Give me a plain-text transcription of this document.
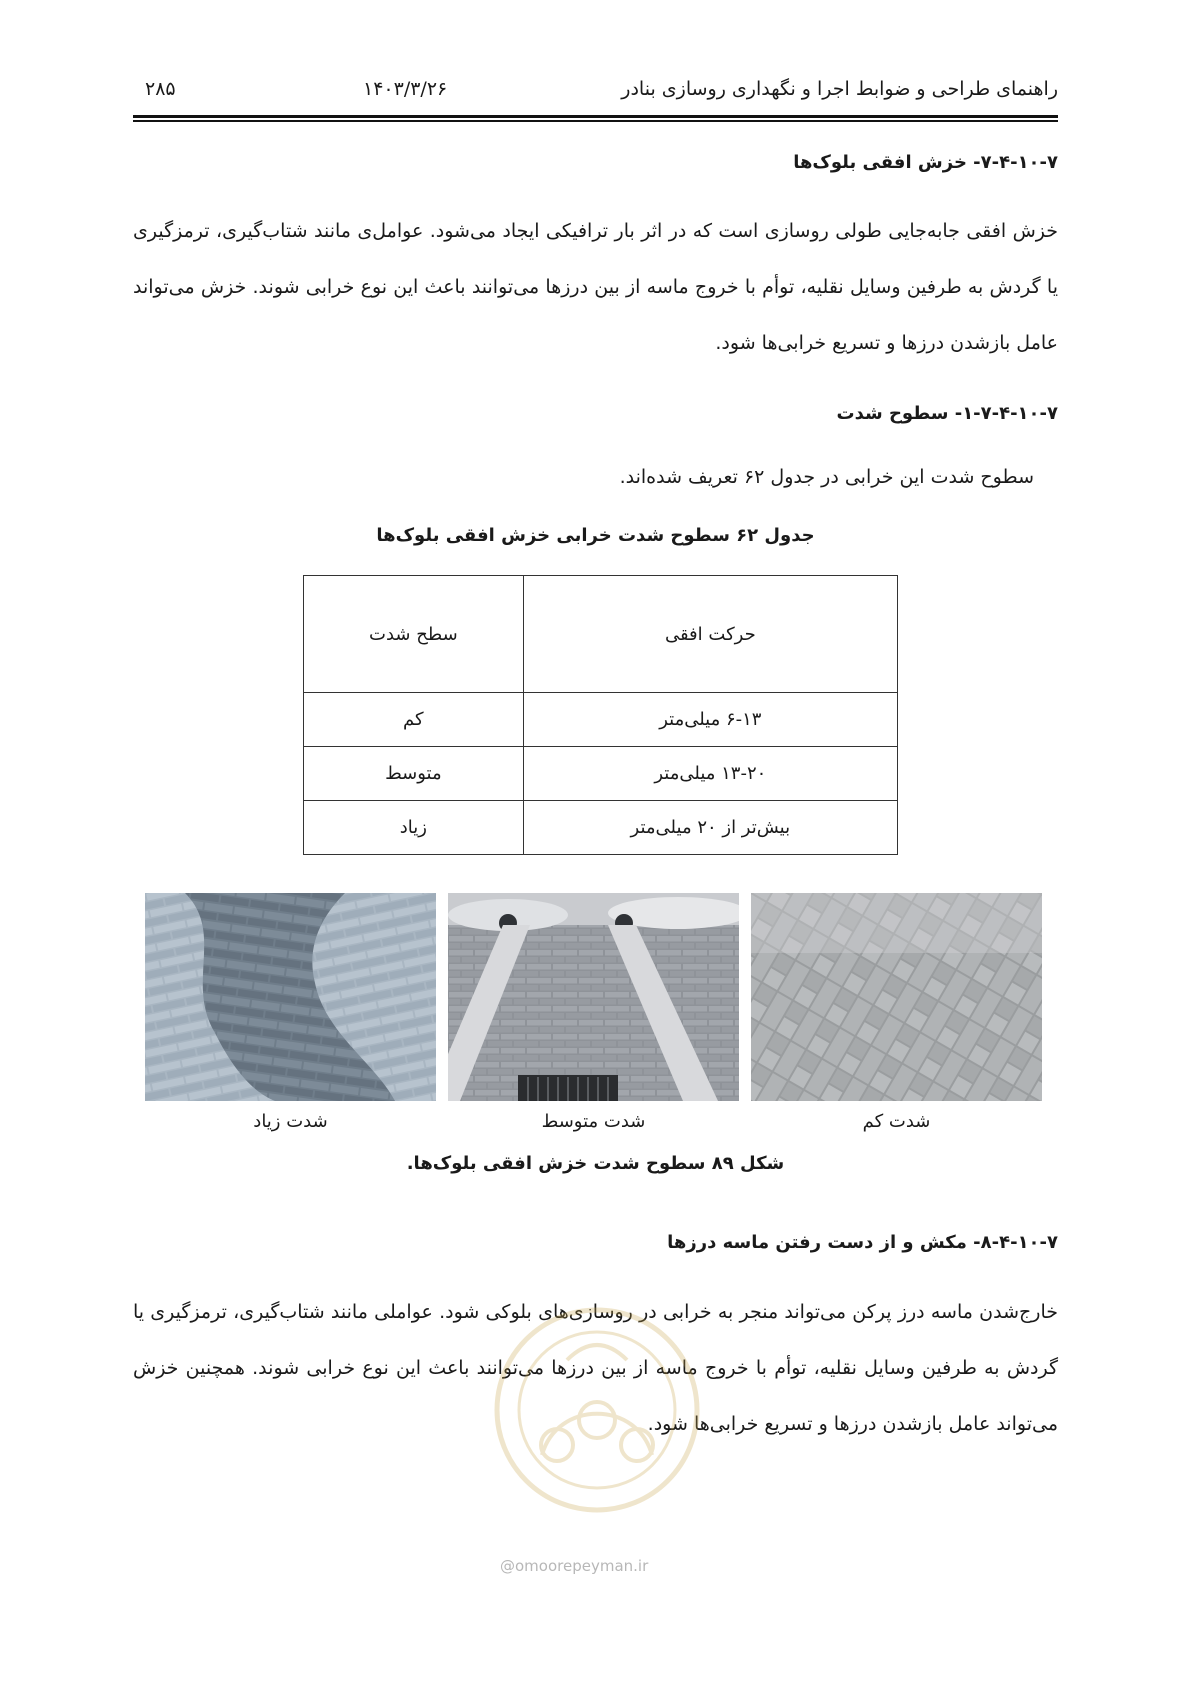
راهنمای طراحی و ضوابط اجرا و نگهداری روسازی بنادر
۱۴۰۳/۳/۲۶
۲۸۵
۷-۴-۱۰-۷- خزش افقی بلوک‌ها

خزش افقی جابه‌جایی طولی روسازی است که در اثر بار ترافیکی ایجاد می‌شود. عوامل‌ی مانند شتاب‌گیری، ترمزگیری یا گردش به طرفین وسایل نقلیه، توأم با خروج ماسه از بین درزها می‌توانند باعث این نوع خرابی شوند. خزش می‌تواند عامل بازشدن درزها و تسریع خرابی‌ها شود.

۱-۷-۴-۱۰-۷- سطوح شدت
سطوح شدت این خرابی در جدول ۶۲ تعریف شده‌اند.
جدول ۶۲ سطوح شدت خرابی خزش افقی بلوک‌ها
حرکت افقی	سطح شدت
۶-۱۳ میلی‌متر	کم
۱۳-۲۰ میلی‌متر	متوسط
بیش‌تر از ۲۰ میلی‌متر	زیاد
شدت زیاد	شدت متوسط	شدت کم
شکل ۸۹ سطوح شدت خزش افقی بلوک‌ها.
۸-۴-۱۰-۷- مکش و از دست رفتن ماسه درزها

خارج‌شدن ماسه درز پرکن می‌تواند منجر به خرابی در روسازی‌های بلوکی شود. عواملی مانند شتاب‌گیری، ترمزگیری یا گردش به طرفین وسایل نقلیه، توأم با خروج ماسه از بین درزها می‌توانند باعث این نوع خرابی شوند. همچنین خزش می‌تواند عامل بازشدن درزها و تسریع خرابی‌ها شود.

@omoorepeyman.ir
